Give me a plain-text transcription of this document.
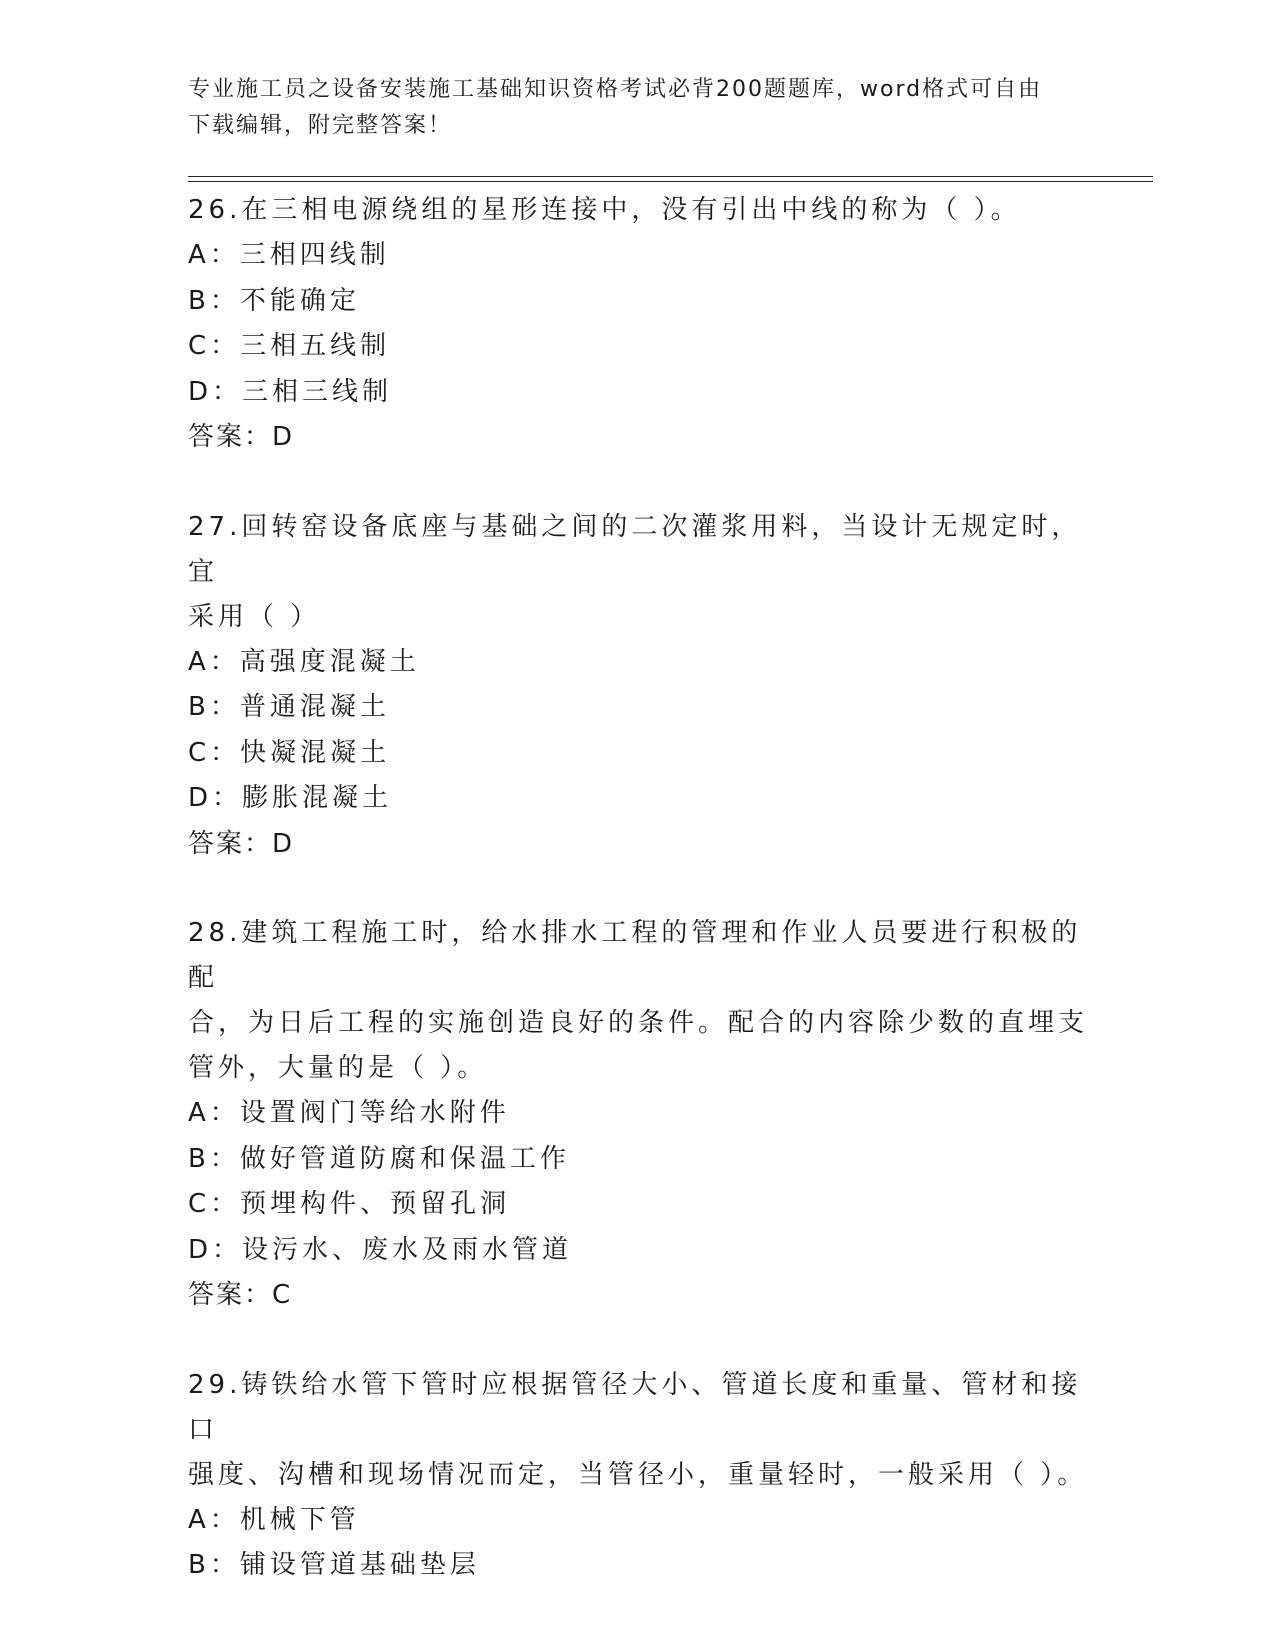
专业施工员之设备安装施工基础知识资格考试必背200题题库，word格式可自由
下载编辑，附完整答案！

26.在三相电源绕组的星形连接中，没有引出中线的称为（ ）。

A：三相四线制

B：不能确定

C：三相五线制

D：三相三线制

答案：D

27.回转窑设备底座与基础之间的二次灌浆用料，当设计无规定时，宜

采用（ ）

A：高强度混凝土

B：普通混凝土

C：快凝混凝土

D：膨胀混凝土

答案：D

28.建筑工程施工时，给水排水工程的管理和作业人员要进行积极的配

合，为日后工程的实施创造良好的条件。配合的内容除少数的直埋支

管外，大量的是（ ）。

A：设置阀门等给水附件

B：做好管道防腐和保温工作

C：预埋构件、预留孔洞

D：设污水、废水及雨水管道

答案：C

29.铸铁给水管下管时应根据管径大小、管道长度和重量、管材和接口

强度、沟槽和现场情况而定，当管径小，重量轻时，一般采用（ ）。

A：机械下管

B：铺设管道基础垫层
